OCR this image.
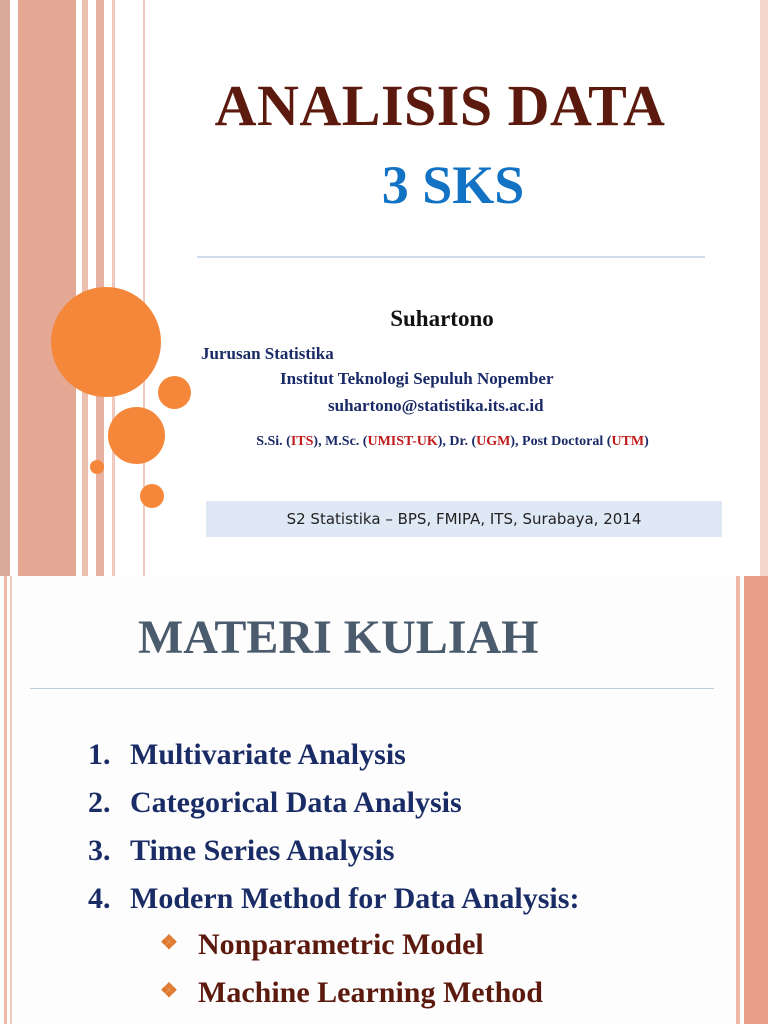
ANALISIS DATA
3 SKS
Suhartono
Jurusan Statistika
Institut Teknologi Sepuluh Nopember
suhartono@statistika.its.ac.id
S.Si. (ITS), M.Sc. (UMIST-UK), Dr. (UGM), Post Doctoral (UTM)
S2 Statistika – BPS, FMIPA, ITS, Surabaya, 2014
MATERI KULIAH
1. Multivariate Analysis
2. Categorical Data Analysis
3. Time Series Analysis
4. Modern Method for Data Analysis:
❖ Nonparametric Model
❖ Machine Learning Method
